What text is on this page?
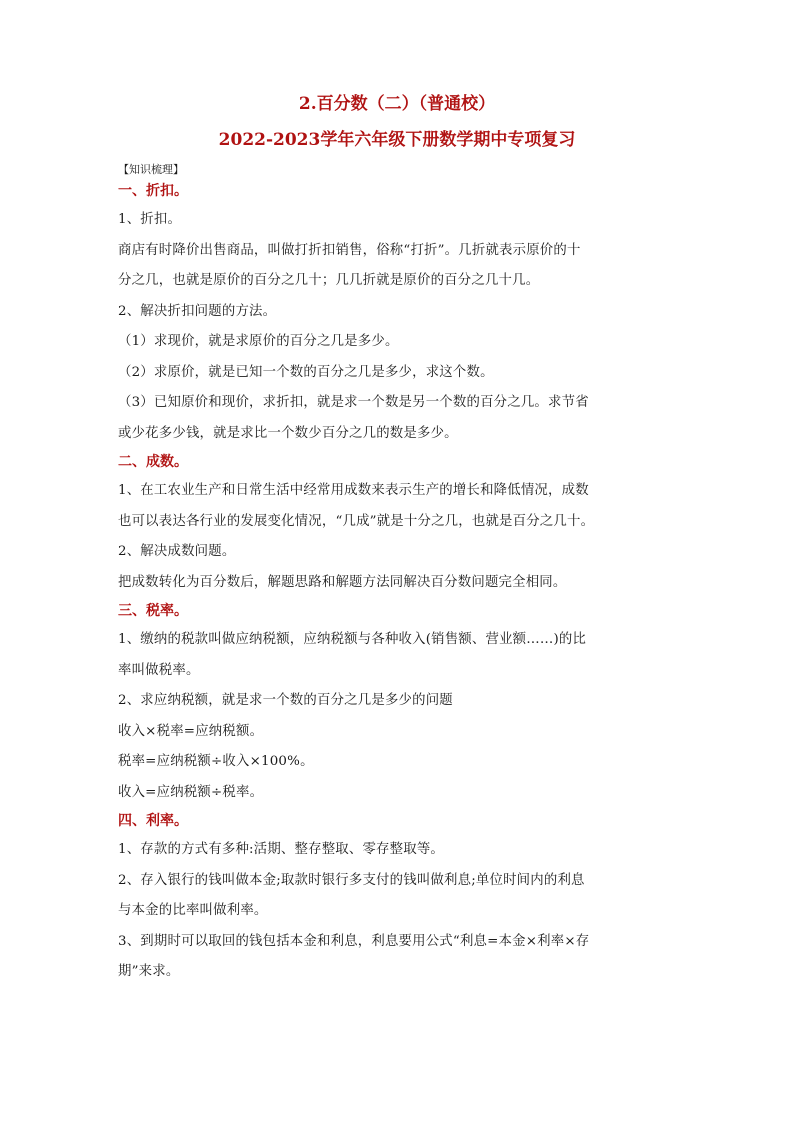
2.百分数（二）（普通校）
2022-2023学年六年级下册数学期中专项复习
【知识梳理】
一、折扣。

1、折扣。

商店有时降价出售商品，叫做打折扣销售，俗称“打折”。几折就表示原价的十

分之几，也就是原价的百分之几十；几几折就是原价的百分之几十几。

2、解决折扣问题的方法。

（1）求现价，就是求原价的百分之几是多少。

（2）求原价，就是已知一个数的百分之几是多少，求这个数。

（3）已知原价和现价，求折扣，就是求一个数是另一个数的百分之几。求节省

或少花多少钱，就是求比一个数少百分之几的数是多少。

二、成数。

1、在工农业生产和日常生活中经常用成数来表示生产的增长和降低情况，成数

也可以表达各行业的发展变化情况，“几成”就是十分之几，也就是百分之几十。

2、解决成数问题。

把成数转化为百分数后，解题思路和解题方法同解决百分数问题完全相同。

三、税率。

1、缴纳的税款叫做应纳税额，应纳税额与各种收入(销售额、营业额……)的比

率叫做税率。

2、求应纳税额，就是求一个数的百分之几是多少的问题

收入×税率=应纳税额。

税率=应纳税额÷收入×100%。

收入=应纳税额÷税率。

四、利率。

1、存款的方式有多种:活期、整存整取、零存整取等。

2、存入银行的钱叫做本金;取款时银行多支付的钱叫做利息;单位时间内的利息

与本金的比率叫做利率。

3、到期时可以取回的钱包括本金和利息，利息要用公式“利息=本金×利率×存

期”来求。
